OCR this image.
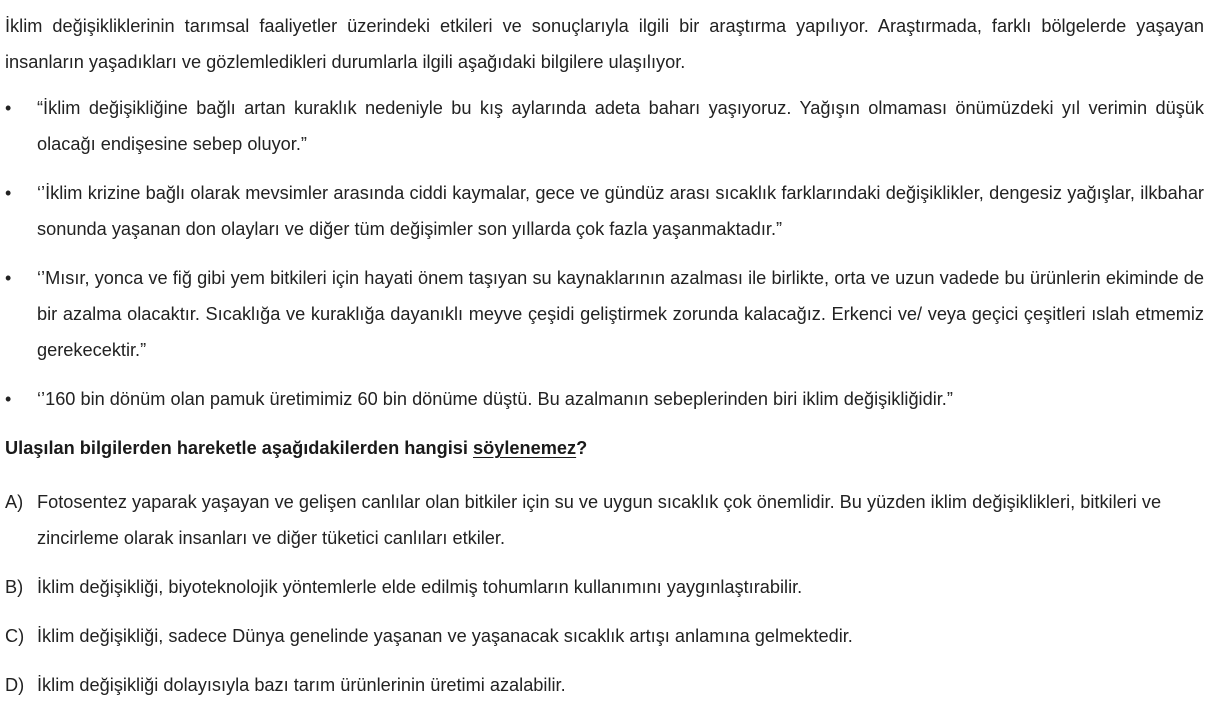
İklim değişikliklerinin tarımsal faaliyetler üzerindeki etkileri ve sonuçlarıyla ilgili bir araştırma yapılıyor. Araştırmada, farklı bölgelerde yaşayan insanların yaşadıkları ve gözlemledikleri durumlarla ilgili aşağıdaki bilgilere ulaşılıyor.

•	“İklim değişikliğine bağlı artan kuraklık nedeniyle bu kış aylarında adeta baharı yaşıyoruz. Yağışın olmaması önümüzdeki yıl verimin düşük olacağı endişesine sebep oluyor.”
•	‘’İklim krizine bağlı olarak mevsimler arasında ciddi kaymalar, gece ve gündüz arası sıcaklık farklarındaki değişiklikler, dengesiz yağışlar, ilkbahar sonunda yaşanan don olayları ve diğer tüm değişimler son yıllarda çok fazla yaşanmaktadır.”
•	‘’Mısır, yonca ve fiğ gibi yem bitkileri için hayati önem taşıyan su kaynaklarının azalması ile birlikte, orta ve uzun vadede bu ürünlerin ekiminde de bir azalma olacaktır. Sıcaklığa ve kuraklığa dayanıklı meyve çeşidi geliştirmek zorunda kalacağız. Erkenci ve/ veya geçici çeşitleri ıslah etmemiz gerekecektir.”
•	‘’160 bin dönüm olan pamuk üretimimiz 60 bin dönüme düştü. Bu azalmanın sebeplerinden biri iklim değişikliğidir.”

Ulaşılan bilgilerden hareketle aşağıdakilerden hangisi söylenemez?

A) Fotosentez yaparak yaşayan ve gelişen canlılar olan bitkiler için su ve uygun sıcaklık çok önemlidir. Bu yüzden iklim değişiklikleri, bitkileri ve zincirleme olarak insanları ve diğer tüketici canlıları etkiler.
B) İklim değişikliği, biyoteknolojik yöntemlerle elde edilmiş tohumların kullanımını yaygınlaştırabilir.
C) İklim değişikliği, sadece Dünya genelinde yaşanan ve yaşanacak sıcaklık artışı anlamına gelmektedir.
D) İklim değişikliği dolayısıyla bazı tarım ürünlerinin üretimi azalabilir.
